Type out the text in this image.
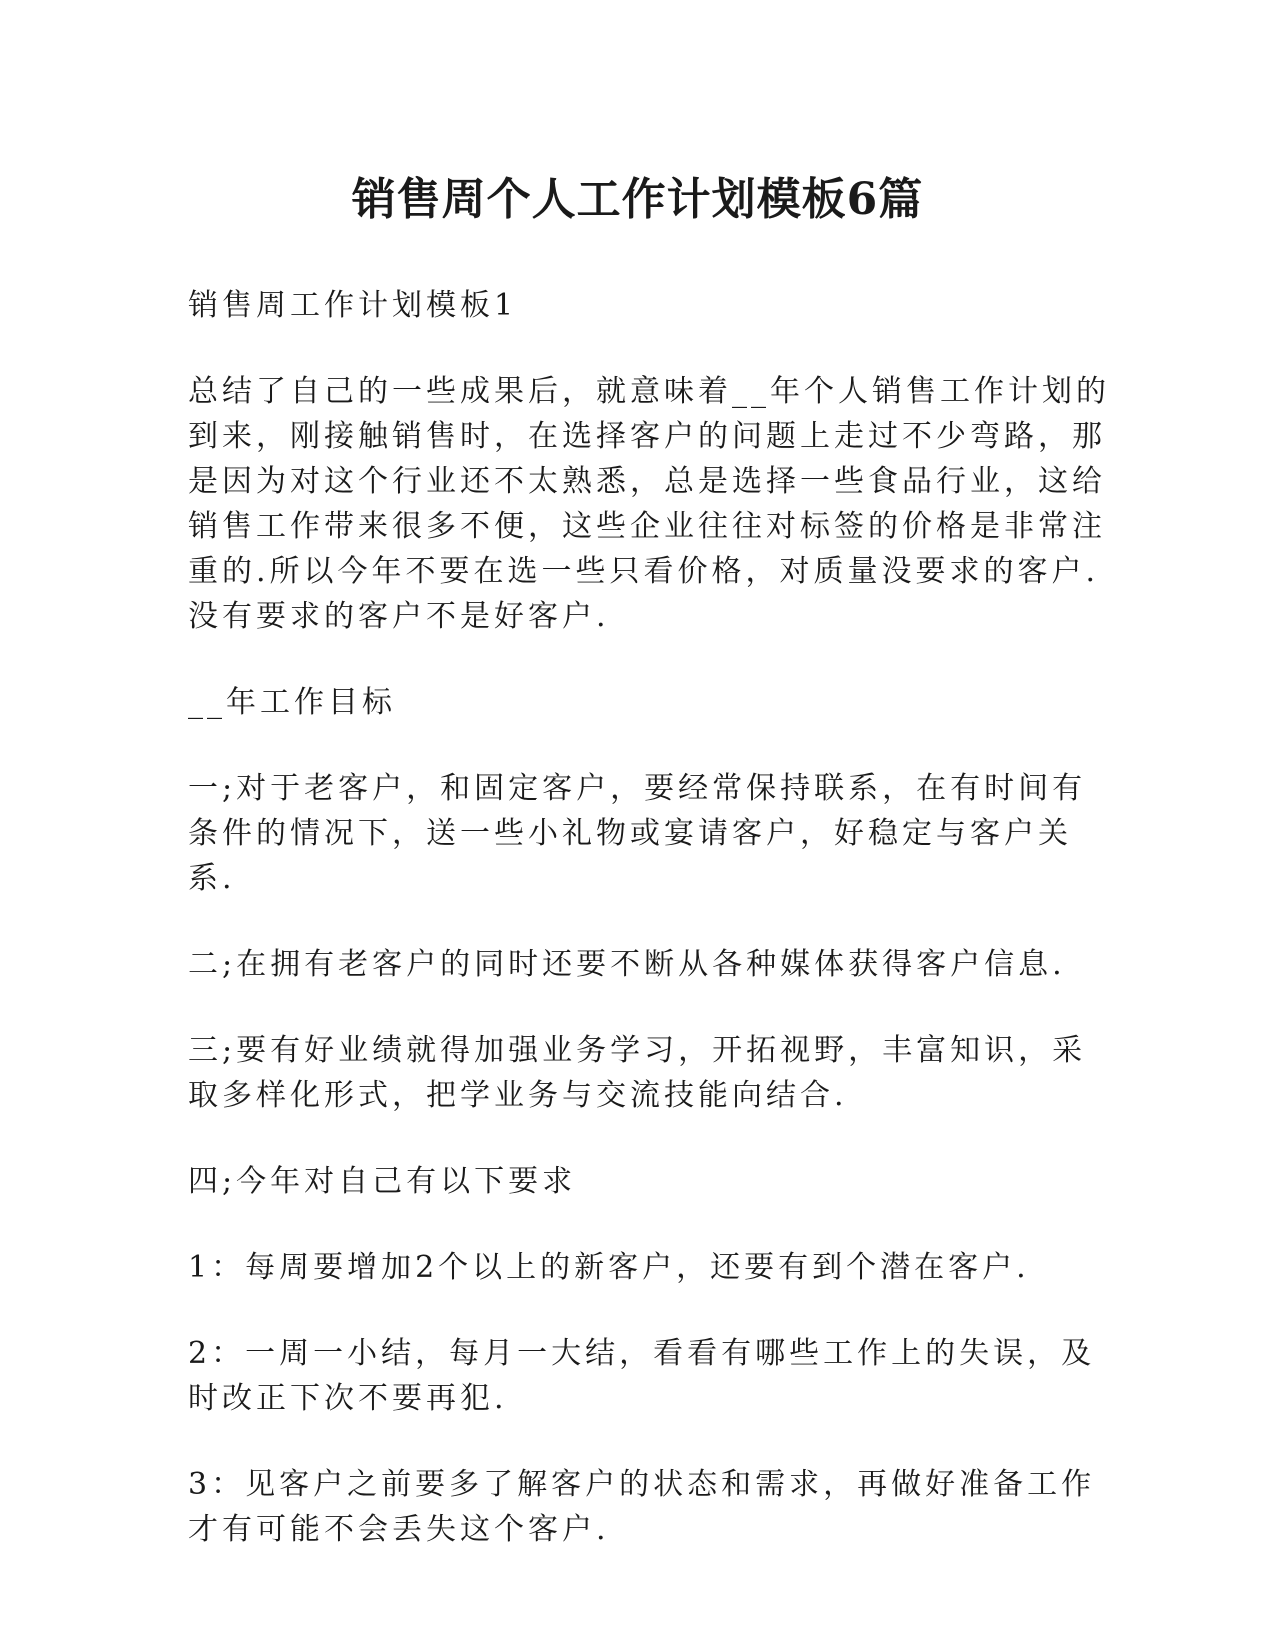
销售周个人工作计划模板6篇

销售周工作计划模板1

总结了自己的一些成果后，就意味着__年个人销售工作计划的到来，刚接触销售时，在选择客户的问题上走过不少弯路，那是因为对这个行业还不太熟悉，总是选择一些食品行业，这给销售工作带来很多不便，这些企业往往对标签的价格是非常注重的.所以今年不要在选一些只看价格，对质量没要求的客户.没有要求的客户不是好客户.

__年工作目标

一;对于老客户，和固定客户，要经常保持联系，在有时间有条件的情况下，送一些小礼物或宴请客户，好稳定与客户关系.

二;在拥有老客户的同时还要不断从各种媒体获得客户信息.

三;要有好业绩就得加强业务学习，开拓视野，丰富知识，采取多样化形式，把学业务与交流技能向结合.

四;今年对自己有以下要求

1：每周要增加2个以上的新客户，还要有到个潜在客户.

2：一周一小结，每月一大结，看看有哪些工作上的失误，及时改正下次不要再犯.

3：见客户之前要多了解客户的状态和需求，再做好准备工作才有可能不会丢失这个客户.
